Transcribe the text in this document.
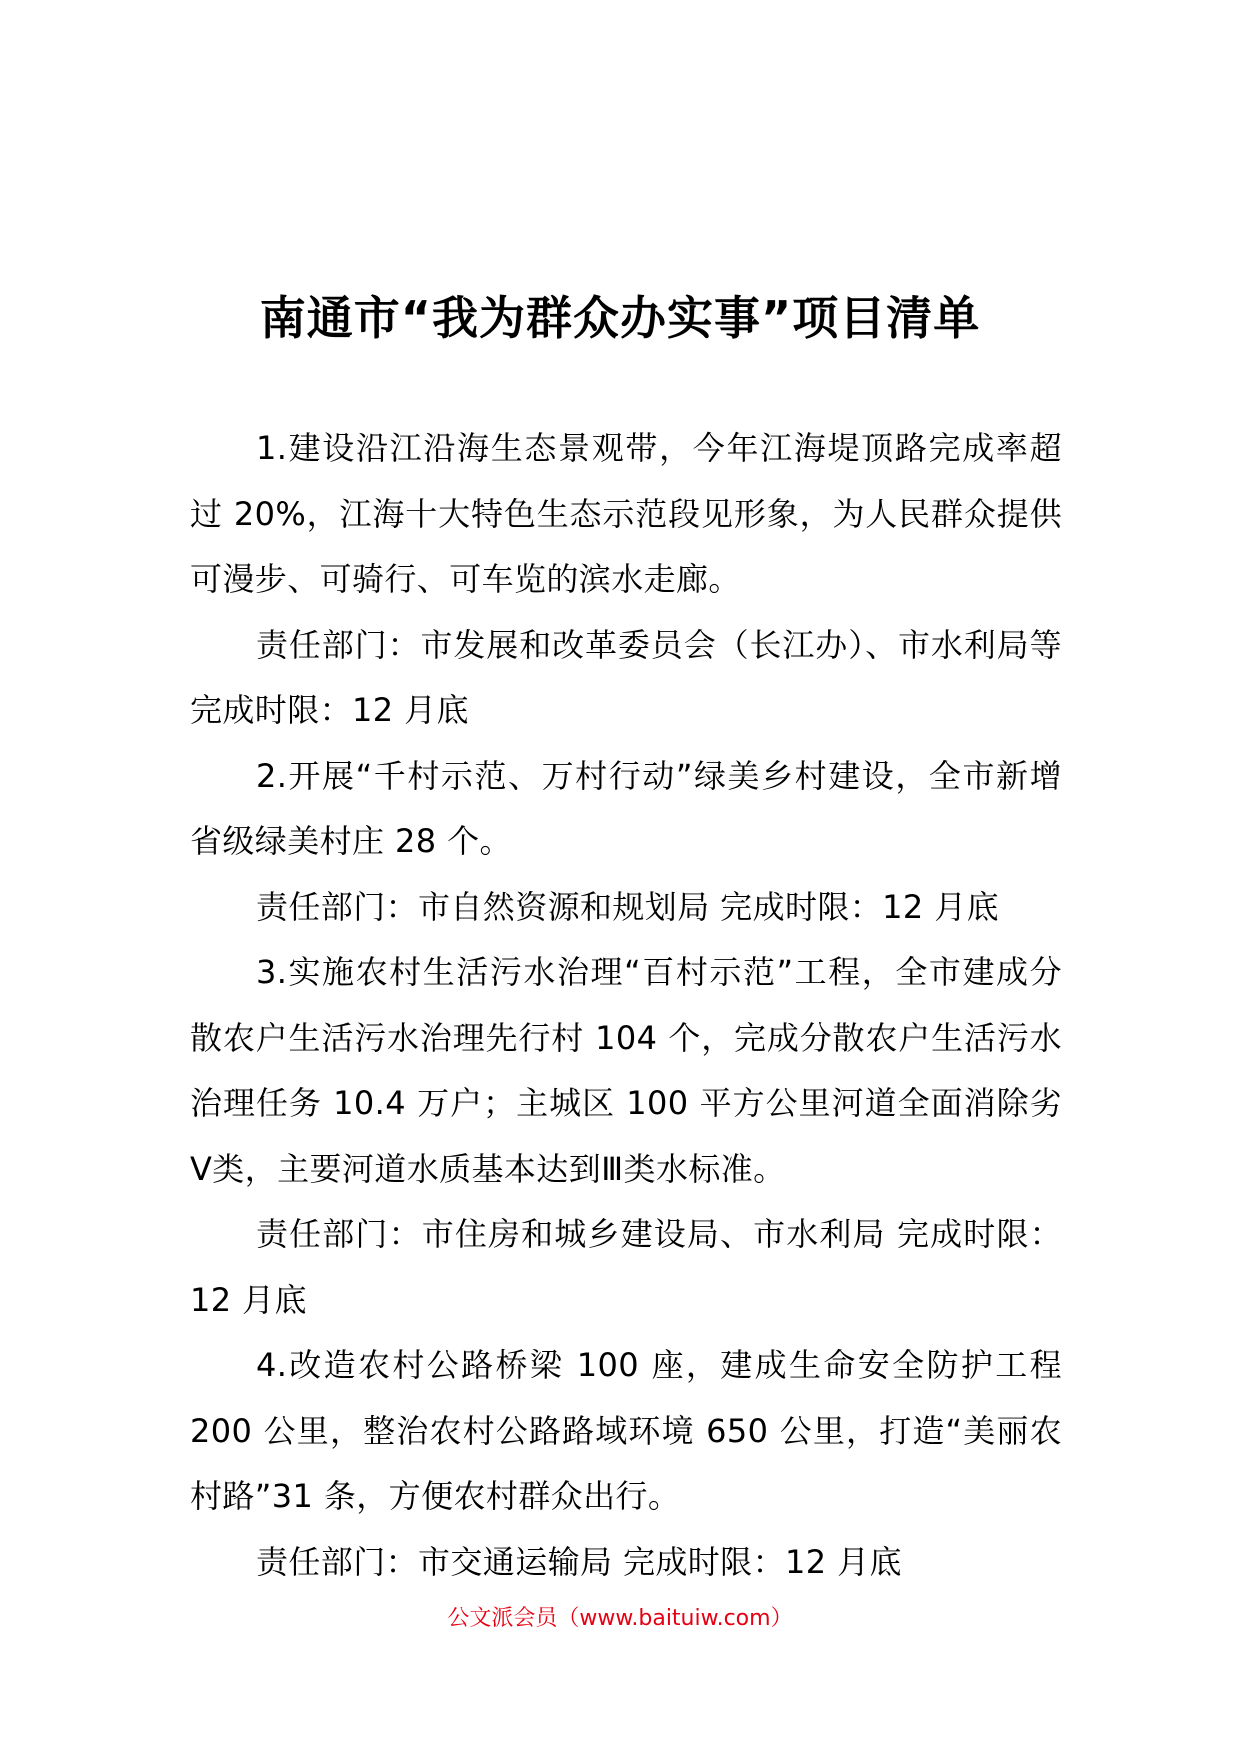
南通市“我为群众办实事”项目清单

1.建设沿江沿海生态景观带，今年江海堤顶路完成率超过 20%，江海十大特色生态示范段见形象，为人民群众提供可漫步、可骑行、可车览的滨水走廊。

责任部门：市发展和改革委员会（长江办）、市水利局等 完成时限：12 月底

2.开展“千村示范、万村行动”绿美乡村建设，全市新增省级绿美村庄 28 个。

责任部门：市自然资源和规划局 完成时限：12 月底

3.实施农村生活污水治理“百村示范”工程，全市建成分散农户生活污水治理先行村 104 个，完成分散农户生活污水治理任务 10.4 万户；主城区 100 平方公里河道全面消除劣Ⅴ类，主要河道水质基本达到Ⅲ类水标准。

责任部门：市住房和城乡建设局、市水利局 完成时限：12 月底

4.改造农村公路桥梁 100 座，建成生命安全防护工程 200 公里，整治农村公路路域环境 650 公里，打造“美丽农村路”31 条，方便农村群众出行。

责任部门：市交通运输局 完成时限：12 月底

公文派会员（www.baituiw.com）
